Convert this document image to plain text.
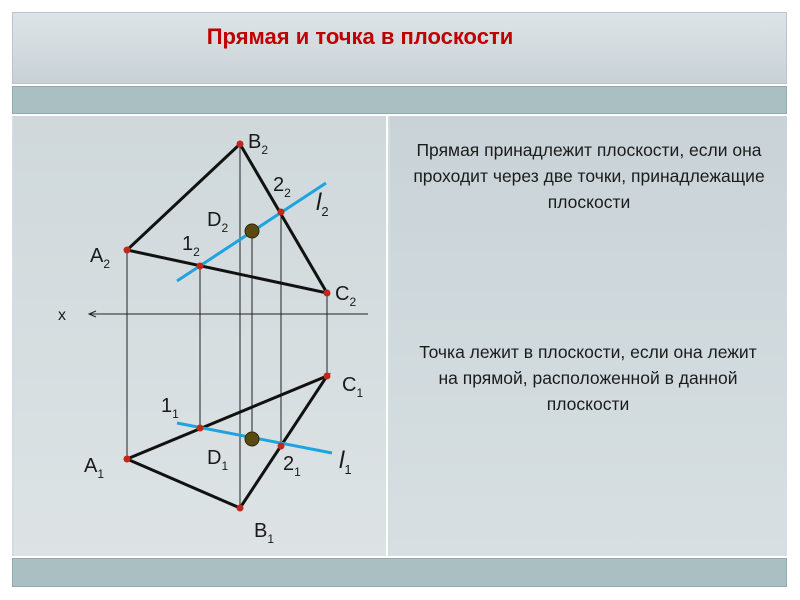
Прямая и точка в плоскости
Прямая принадлежит плоскости, если она проходит через две точки, принадлежащие плоскости
Точка лежит в плоскости, если она лежит на прямой, расположенной в данной плоскости
x
$A_2$
$B_2$
$C_2$
$D_2$
$1_2$
$2_2$ $l_2$
$A_1$
$B_1$
$C_1$
$D_1$
$1_1$
$2_1$ $l_1$
